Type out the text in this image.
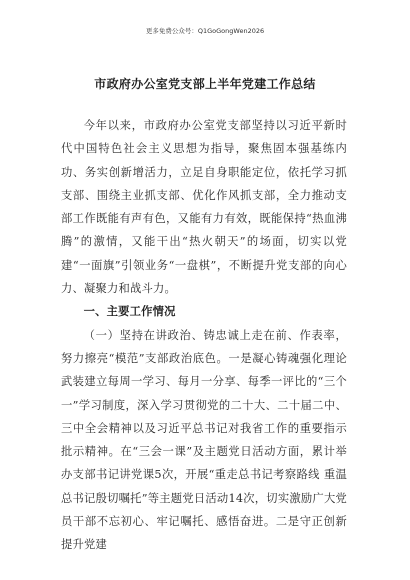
更多免费公众号：Q1GoGongWen2026
市政府办公室党支部上半年党建工作总结

今年以来，市政府办公室党支部坚持以习近平新时代中国特色社会主义思想为指导，聚焦固本强基练内功、务实创新增活力，立足自身职能定位，依托学习抓支部、围绕主业抓支部、优化作风抓支部，全力推动支部工作既能有声有色，又能有力有效，既能保持“热血沸腾”的激情，又能干出“热火朝天”的场面，切实以党建“一面旗”引领业务“一盘棋”，不断提升党支部的向心力、凝聚力和战斗力。

一、主要工作情况

（一）坚持在讲政治、铸忠诚上走在前、作表率，努力擦亮“模范”支部政治底色。一是凝心铸魂强化理论武装建立每周一学习、每月一分享、每季一评比的“三个一”学习制度，深入学习贯彻党的二十大、二十届二中、三中全会精神以及习近平总书记对我省工作的重要指示批示精神。在“三会一课”及主题党日活动方面，累计举办支部书记讲党课5次，开展“重走总书记考察路线 重温总书记殷切嘱托”等主题党日活动14次，切实激励广大党员干部不忘初心、牢记嘱托、感悟奋进。二是守正创新提升党建
